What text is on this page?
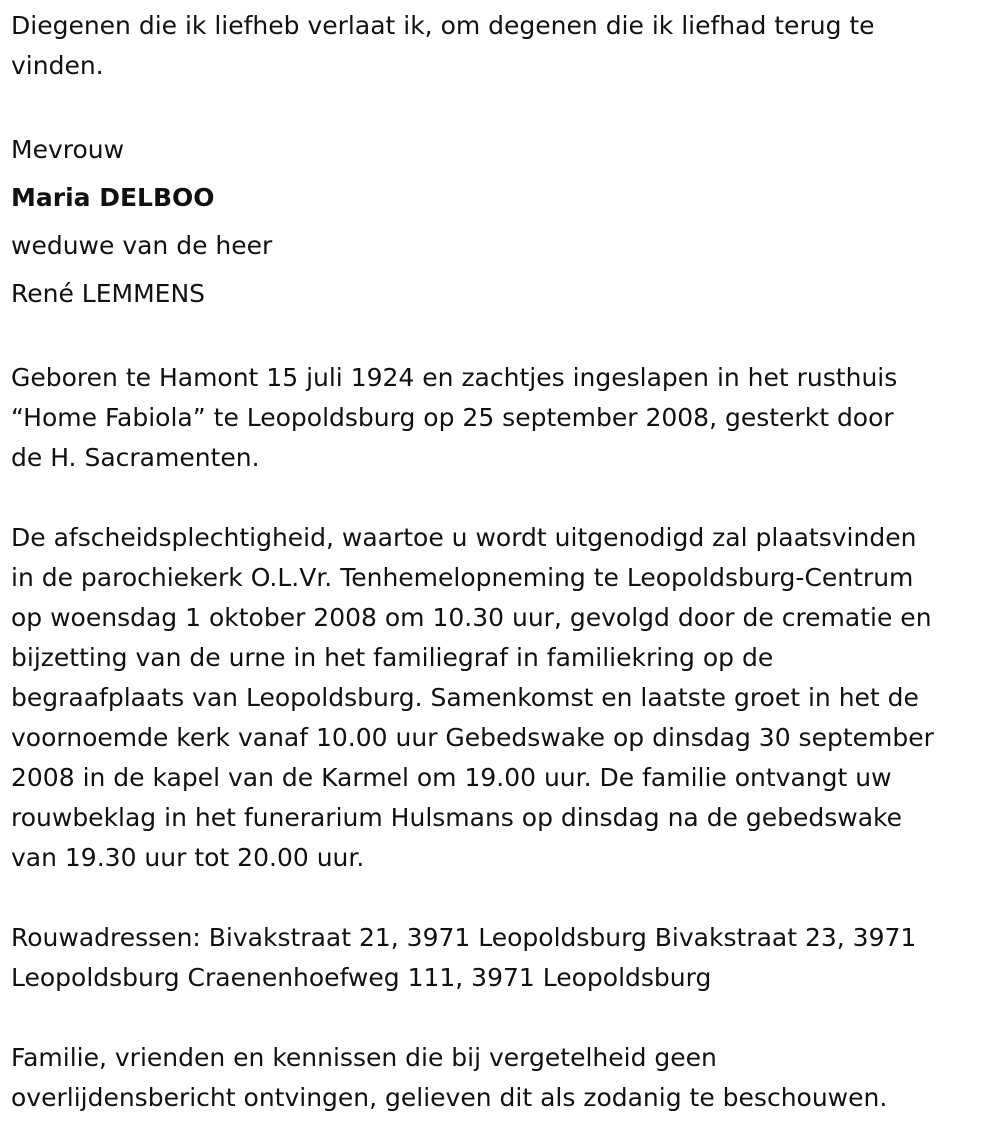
Diegenen die ik liefheb verlaat ik, om degenen die ik liefhad terug te

vinden.

Mevrouw

Maria DELBOO

weduwe van de heer

René LEMMENS

Geboren te Hamont 15 juli 1924 en zachtjes ingeslapen in het rusthuis

“Home Fabiola” te Leopoldsburg op 25 september 2008, gesterkt door

de H. Sacramenten.

De afscheidsplechtigheid, waartoe u wordt uitgenodigd zal plaatsvinden

in de parochiekerk O.L.Vr. Tenhemelopneming te Leopoldsburg-Centrum

op woensdag 1 oktober 2008 om 10.30 uur, gevolgd door de crematie en

bijzetting van de urne in het familiegraf in familiekring op de

begraafplaats van Leopoldsburg. Samenkomst en laatste groet in het de

voornoemde kerk vanaf 10.00 uur Gebedswake op dinsdag 30 september

2008 in de kapel van de Karmel om 19.00 uur. De familie ontvangt uw

rouwbeklag in het funerarium Hulsmans op dinsdag na de gebedswake

van 19.30 uur tot 20.00 uur.

Rouwadressen: Bivakstraat 21, 3971 Leopoldsburg Bivakstraat 23, 3971

Leopoldsburg Craenenhoefweg 111, 3971 Leopoldsburg

Familie, vrienden en kennissen die bij vergetelheid geen

overlijdensbericht ontvingen, gelieven dit als zodanig te beschouwen.
